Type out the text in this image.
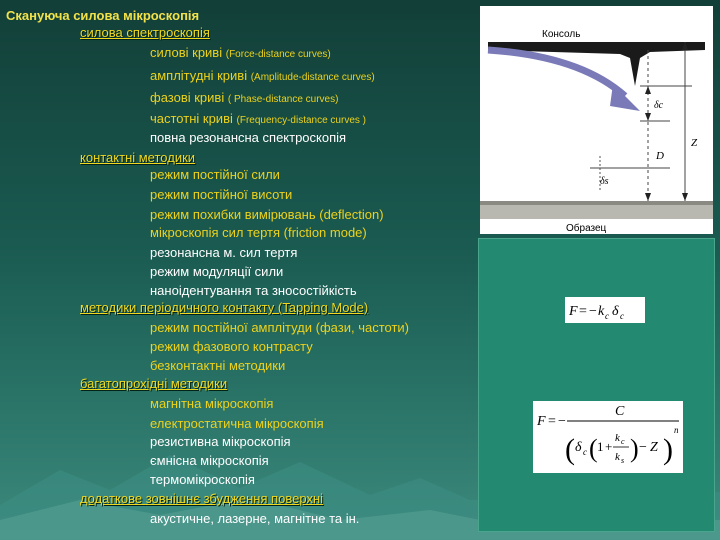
Скануюча силова мікроскопія
силова спектроскопія
силові криві (Force-distance curves)
амплітудні криві (Amplitude-distance curves)
фазові криві ( Phase-distance curves)
частотні криві (Frequency-distance curves )
повна резонансна спектроскопія
контактні методики
режим постійної сили
режим постійної висоти
режим похибки вимірювань (deflection)
мікроскопія сил тертя (friction mode)
резонансна м. сил тертя
режим модуляції сили
наноідентування та зносостійкість
методики періодичного контакту (Tapping Mode)
режим постійної амплітуди (фази, частоти)
режим фазового контрасту
безконтактні методики
багатопрохідні методики
магнітна мікроскопія
електростатична мікроскопія
резистивна мікроскопія
ємнісна мікроскопія
термомікроскопія
додаткове зовнішнє збудження поверхні
акустичне, лазерне, магнітне та ін.
Консоль
Образец
δc
D
Z
δs
F = − k c δ c
F = −
C
( δ c ( 1 +
k c
k s ) − Z )
n
